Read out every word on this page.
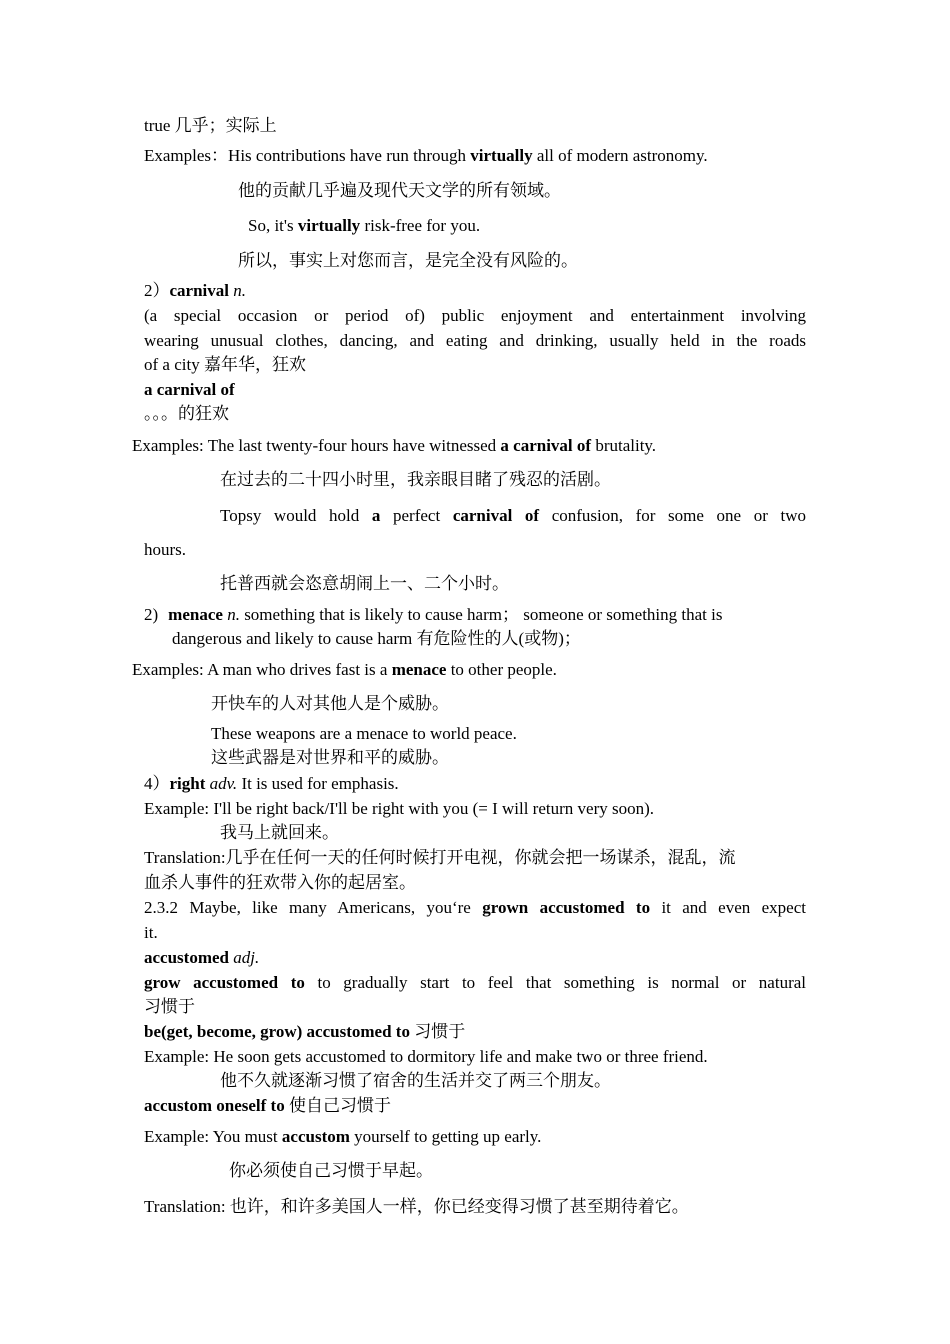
true 几乎；实际上
Examples：His contributions have run through virtually all of modern astronomy.
他的贡献几乎遍及现代天文学的所有领域。
So, it's virtually risk-free for you.
所以，事实上对您而言，是完全没有风险的。
2）carnival n.
(a special occasion or period of) public enjoyment and entertainment involving
wearing unusual clothes, dancing, and eating and drinking, usually held in the roads
of a city 嘉年华，狂欢
a carnival of
。。。的狂欢
Examples: The last twenty-four hours have witnessed a carnival of brutality.
在过去的二十四小时里，我亲眼目睹了残忍的活剧。
Topsy would hold a perfect carnival of confusion, for some one or two
hours.
托普西就会恣意胡闹上一、二个小时。
2) menace n. something that is likely to cause harm； someone or something that is
dangerous and likely to cause harm 有危险性的人(或物)；
Examples: A man who drives fast is a menace to other people.
开快车的人对其他人是个威胁。
These weapons are a menace to world peace.
这些武器是对世界和平的威胁。
4）right adv. It is used for emphasis.
Example: I'll be right back/I'll be right with you (= I will return very soon).
我马上就回来。
Translation:几乎在任何一天的任何时候打开电视，你就会把一场谋杀，混乱，流
血杀人事件的狂欢带入你的起居室。
2.3.2 Maybe, like many Americans, you‘re grown accustomed to it and even expect
it.
accustomed adj.
grow accustomed to to gradually start to feel that something is normal or natural
习惯于
be(get, become, grow) accustomed to 习惯于
Example: He soon gets accustomed to dormitory life and make two or three friend.
他不久就逐渐习惯了宿舍的生活并交了两三个朋友。
accustom oneself to 使自己习惯于
Example: You must accustom yourself to getting up early.
你必须使自己习惯于早起。
Translation: 也许，和许多美国人一样，你已经变得习惯了甚至期待着它。
